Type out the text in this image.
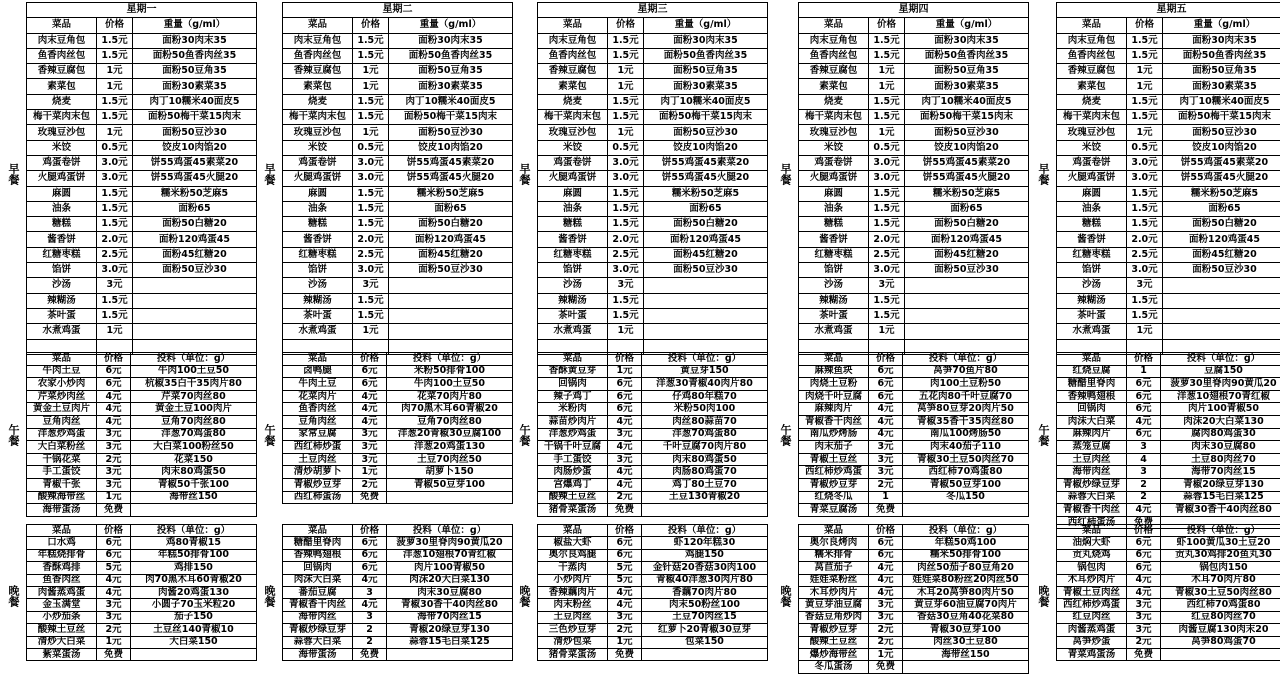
早餐
星期一		
菜品	价格	重量（g/ml）
肉末豆角包	1.5元	面粉30肉末35
鱼香肉丝包	1.5元	面粉50鱼香肉丝35
香辣豆腐包	1元	面粉50豆角35
素菜包	1元	面粉30素菜35
烧麦	1.5元	肉丁10糯米40面皮5
梅干菜肉末包	1.5元	面粉50梅干菜15肉末
玫瑰豆沙包	1元	面粉50豆沙30
米饺	0.5元	饺皮10肉馅20
鸡蛋卷饼	3.0元	饼55鸡蛋45素菜20
火腿鸡蛋饼	3.0元	饼55鸡蛋45火腿20
麻圆	1.5元	糯米粉50芝麻5
油条	1.5元	面粉65
糖糕	1.5元	面粉50白糖20
酱香饼	2.0元	面粉120鸡蛋45
红糖枣糕	2.5元	面粉45红糖20
馅饼	3.0元	面粉50豆沙30
沙汤	3元	
辣糊汤	1.5元	
茶叶蛋	1.5元	
水煮鸡蛋	1元	

早餐
星期二		
菜品	价格	重量（g/ml）
肉末豆角包	1.5元	面粉30肉末35
鱼香肉丝包	1.5元	面粉50鱼香肉丝35
香辣豆腐包	1元	面粉50豆角35
素菜包	1元	面粉30素菜35
烧麦	1.5元	肉丁10糯米40面皮5
梅干菜肉末包	1.5元	面粉50梅干菜15肉末
玫瑰豆沙包	1元	面粉50豆沙30
米饺	0.5元	饺皮10肉馅20
鸡蛋卷饼	3.0元	饼55鸡蛋45素菜20
火腿鸡蛋饼	3.0元	饼55鸡蛋45火腿20
麻圆	1.5元	糯米粉50芝麻5
油条	1.5元	面粉65
糖糕	1.5元	面粉50白糖20
酱香饼	2.0元	面粉120鸡蛋45
红糖枣糕	2.5元	面粉45红糖20
馅饼	3.0元	面粉50豆沙30
沙汤	3元	
辣糊汤	1.5元	
茶叶蛋	1.5元	
水煮鸡蛋	1元	

早餐
星期三		
菜品	价格	重量（g/ml）
肉末豆角包	1.5元	面粉30肉末35
鱼香肉丝包	1.5元	面粉50鱼香肉丝35
香辣豆腐包	1元	面粉50豆角35
素菜包	1元	面粉30素菜35
烧麦	1.5元	肉丁10糯米40面皮5
梅干菜肉末包	1.5元	面粉50梅干菜15肉末
玫瑰豆沙包	1元	面粉50豆沙30
米饺	0.5元	饺皮10肉馅20
鸡蛋卷饼	3.0元	饼55鸡蛋45素菜20
火腿鸡蛋饼	3.0元	饼55鸡蛋45火腿20
麻圆	1.5元	糯米粉50芝麻5
油条	1.5元	面粉65
糖糕	1.5元	面粉50白糖20
酱香饼	2.0元	面粉120鸡蛋45
红糖枣糕	2.5元	面粉45红糖20
馅饼	3.0元	面粉50豆沙30
沙汤	3元	
辣糊汤	1.5元	
茶叶蛋	1.5元	
水煮鸡蛋	1元	

早餐
星期四		
菜品	价格	重量（g/ml）
肉末豆角包	1.5元	面粉30肉末35
鱼香肉丝包	1.5元	面粉50鱼香肉丝35
香辣豆腐包	1元	面粉50豆角35
素菜包	1元	面粉30素菜35
烧麦	1.5元	肉丁10糯米40面皮5
梅干菜肉末包	1.5元	面粉50梅干菜15肉末
玫瑰豆沙包	1元	面粉50豆沙30
米饺	0.5元	饺皮10肉馅20
鸡蛋卷饼	3.0元	饼55鸡蛋45素菜20
火腿鸡蛋饼	3.0元	饼55鸡蛋45火腿20
麻圆	1.5元	糯米粉50芝麻5
油条	1.5元	面粉65
糖糕	1.5元	面粉50白糖20
酱香饼	2.0元	面粉120鸡蛋45
红糖枣糕	2.5元	面粉45红糖20
馅饼	3.0元	面粉50豆沙30
沙汤	3元	
辣糊汤	1.5元	
茶叶蛋	1.5元	
水煮鸡蛋	1元	

早餐
星期五		
菜品	价格	重量（g/ml）
肉末豆角包	1.5元	面粉30肉末35
鱼香肉丝包	1.5元	面粉50鱼香肉丝35
香辣豆腐包	1元	面粉50豆角35
素菜包	1元	面粉30素菜35
烧麦	1.5元	肉丁10糯米40面皮5
梅干菜肉末包	1.5元	面粉50梅干菜15肉末
玫瑰豆沙包	1元	面粉50豆沙30
米饺	0.5元	饺皮10肉馅20
鸡蛋卷饼	3.0元	饼55鸡蛋45素菜20
火腿鸡蛋饼	3.0元	饼55鸡蛋45火腿20
麻圆	1.5元	糯米粉50芝麻5
油条	1.5元	面粉65
糖糕	1.5元	面粉50白糖20
酱香饼	2.0元	面粉120鸡蛋45
红糖枣糕	2.5元	面粉45红糖20
馅饼	3.0元	面粉50豆沙30
沙汤	3元	
辣糊汤	1.5元	
茶叶蛋	1.5元	
水煮鸡蛋	1元	

午餐
菜品	价格	投料（单位：g）
牛肉土豆	6元	牛肉100土豆50
农家小炒肉	6元	杭椒35白干35肉片80
芹菜炒肉丝	4元	芹菜70肉丝80
黄金土豆肉片	4元	黄金土豆100肉片
豆角肉丝	4元	豆角70肉丝80
洋葱炒鸡蛋	3元	洋葱70鸡蛋80
大白菜粉丝	3元	大白菜100粉丝50
干锅花菜	2元	花菜150
手工蛋饺	3元	肉末80鸡蛋50
青椒千张	3元	青椒50千张100
酸辣海带丝	1元	海带丝150
海带蛋汤	免费	
午餐
菜品	价格	投料（单位：g）
卤鸭腿	6元	米粉50排骨100
牛肉土豆	6元	牛肉100土豆50
花菜肉片	4元	花菜70肉片80
鱼香肉丝	4元	肉70黑木耳60青椒20
豆角肉丝	4元	豆角70肉丝80
家常豆腐	3元	洋葱20青椒30豆腐100
西红柿炒蛋	3元	洋葱20鸡蛋130
土豆肉丝	3元	土豆70肉丝50
清炒胡萝卜	1元	胡萝卜150
青椒炒豆芽	2元	青椒50豆芽100
西红柿蛋汤	免费	
午餐
菜品	价格	投料（单位：g）
香酥黄豆芽	1元	黄豆芽150
回锅肉	6元	洋葱30青椒40肉片80
辣子鸡丁	6元	仔鸡80年糕70
米粉肉	6元	米粉50肉100
蒜苗炒肉片	4元	肉丝80蒜苗70
洋葱炒鸡蛋	3元	洋葱70鸡蛋80
干锅千叶豆腐	4元	千叶豆腐70肉片80
手工蛋饺	3元	肉末80鸡蛋50
肉肠炒蛋	4元	肉肠80鸡蛋70
宫爆鸡丁	4元	鸡丁80土豆70
酸辣土豆丝	2元	土豆130青椒20
猪骨菜蛋汤	免费	
午餐
菜品	价格	投料（单位：g）
麻辣鱼块	6元	莴笋70鱼片80
肉烧土豆粉	6元	肉100土豆粉50
肉烧千叶豆腐	6元	五花肉80千叶豆腐70
麻辣肉片	4元	莴笋80豆芽20肉片50
青椒香干肉丝	4元	青椒35香干35肉丝80
南瓜炒烤肠	4元	南瓜100烤肠50
肉末茄子	3元	肉末40茄子110
青椒土豆丝	3元	青椒30土豆50肉丝70
西红柿炒鸡蛋	3元	西红柿70鸡蛋80
青椒炒豆芽	2元	青椒50豆芽100
红烧冬瓜	1	冬瓜150
青菜豆腐汤	免费	
午餐
菜品	价格	投料（单位：g）
红烧豆腐	1	豆腐150
糖醋里脊肉	6元	菠萝30里脊肉90黄瓜20
香辣鸭翅根	6元	洋葱10翅根70青红椒
回锅肉	6元	肉片100青椒50
肉沫大白菜	4元	肉沫20大白菜130
麻辣肉片	6元	腐肉80鸡蛋30
蒸笼豆腐	3	肉末30豆腐80
土豆肉丝	4	土豆80肉丝70
海带肉丝	3	海带70肉丝15
青椒炒绿豆芽	2	青椒20绿豆芽130
蒜蓉大白菜	2	蒜蓉15毛白菜125
青椒香干肉丝	4元	青椒30香干40肉丝80
西红柿蛋汤	免费	
晚餐
菜品	价格	投料（单位：g）
口水鸡	6元	鸡80青椒15
年糕烧排骨	6元	年糕50排骨100
香酥鸡排	5元	鸡排150
鱼香肉丝	4元	肉70黑木耳60青椒20
肉酱蒸鸡蛋	4元	肉酱20鸡蛋130
金玉满堂	3元	小圆子70玉米粒20
小炒茄条	3元	茄子150
酸辣土豆丝	2元	土豆丝140青椒10
清炒大白菜	1元	大白菜150
紫菜蛋汤	免费	
晚餐
菜品	价格	投料（单位：g）
糖醋里脊肉	6元	菠萝30里脊肉90黄瓜20
香辣鸭翅根	6元	洋葱10翅根70青红椒
回锅肉	6元	肉片100青椒50
肉沫大白菜	4元	肉沫20大白菜130
番茄豆腐	3	肉末30豆腐80
青椒香干肉丝	4元	青椒30香干40肉丝80
海带肉丝	3	海带70肉丝15
青椒炒绿豆芽	2	青椒20绿豆芽130
蒜蓉大白菜	2	蒜蓉15毛白菜125
海带蛋汤	免费	
晚餐
菜品	价格	投料（单位：g）
椒盐大虾	6元	虾120年糕30
奥尔良鸡腿	6元	鸡腿150
干蒸肉	5元	金针菇20香菇30肉100
小炒肉片	5元	青椒40洋葱30肉片80
香辣藕肉片	4元	香藕70肉片80
肉末粉丝	4元	肉末50粉丝100
土豆肉丝	3元	土豆70肉丝15
三色炒豆芽	2元	红萝卜20青椒30豆芽
清炒包菜	1元	包菜150
猪骨菜蛋汤	免费	
晚餐
菜品	价格	投料（单位：g）
奥尔良烤肉	6元	年糕50鸡100
糯米排骨	6元	糯米50排骨100
莴苣茄子	4元	肉丝50茄子80豆角20
娃娃菜粉丝	4元	娃娃菜80粉丝20肉丝50
木耳炒肉片	4元	木耳20莴笋80肉片50
黄豆芽油豆腐	3元	黄豆芽60油豆腐70肉片
香菇豆角炒肉	3元	香菇30豆角40花菜80
青椒炒豆芽	2元	青椒30豆芽100
酸辣土豆丝	2元	肉丝30土豆80
爆炒海带丝	1元	海带丝150
冬瓜蛋汤	免费	
晚餐
菜品	价格	投料（单位：g）
油焖大虾	6元	虾100黄瓜30土豆20
贡丸烧鸡	6元	贡丸30鸡排20鱼丸30
锅包肉	6元	锅包肉150
木耳炒肉片	4元	木耳70肉片80
青椒土豆肉丝	4元	青椒30土豆50肉丝80
西红柿炒鸡蛋	3元	西红柿70鸡蛋80
红豆肉丝	3元	红豆80肉丝70
肉酱蒸鸡蛋	3元	肉酱豆腐130肉末20
莴笋炒蛋	2元	莴笋80鸡蛋70
青菜鸡蛋汤	免费	
